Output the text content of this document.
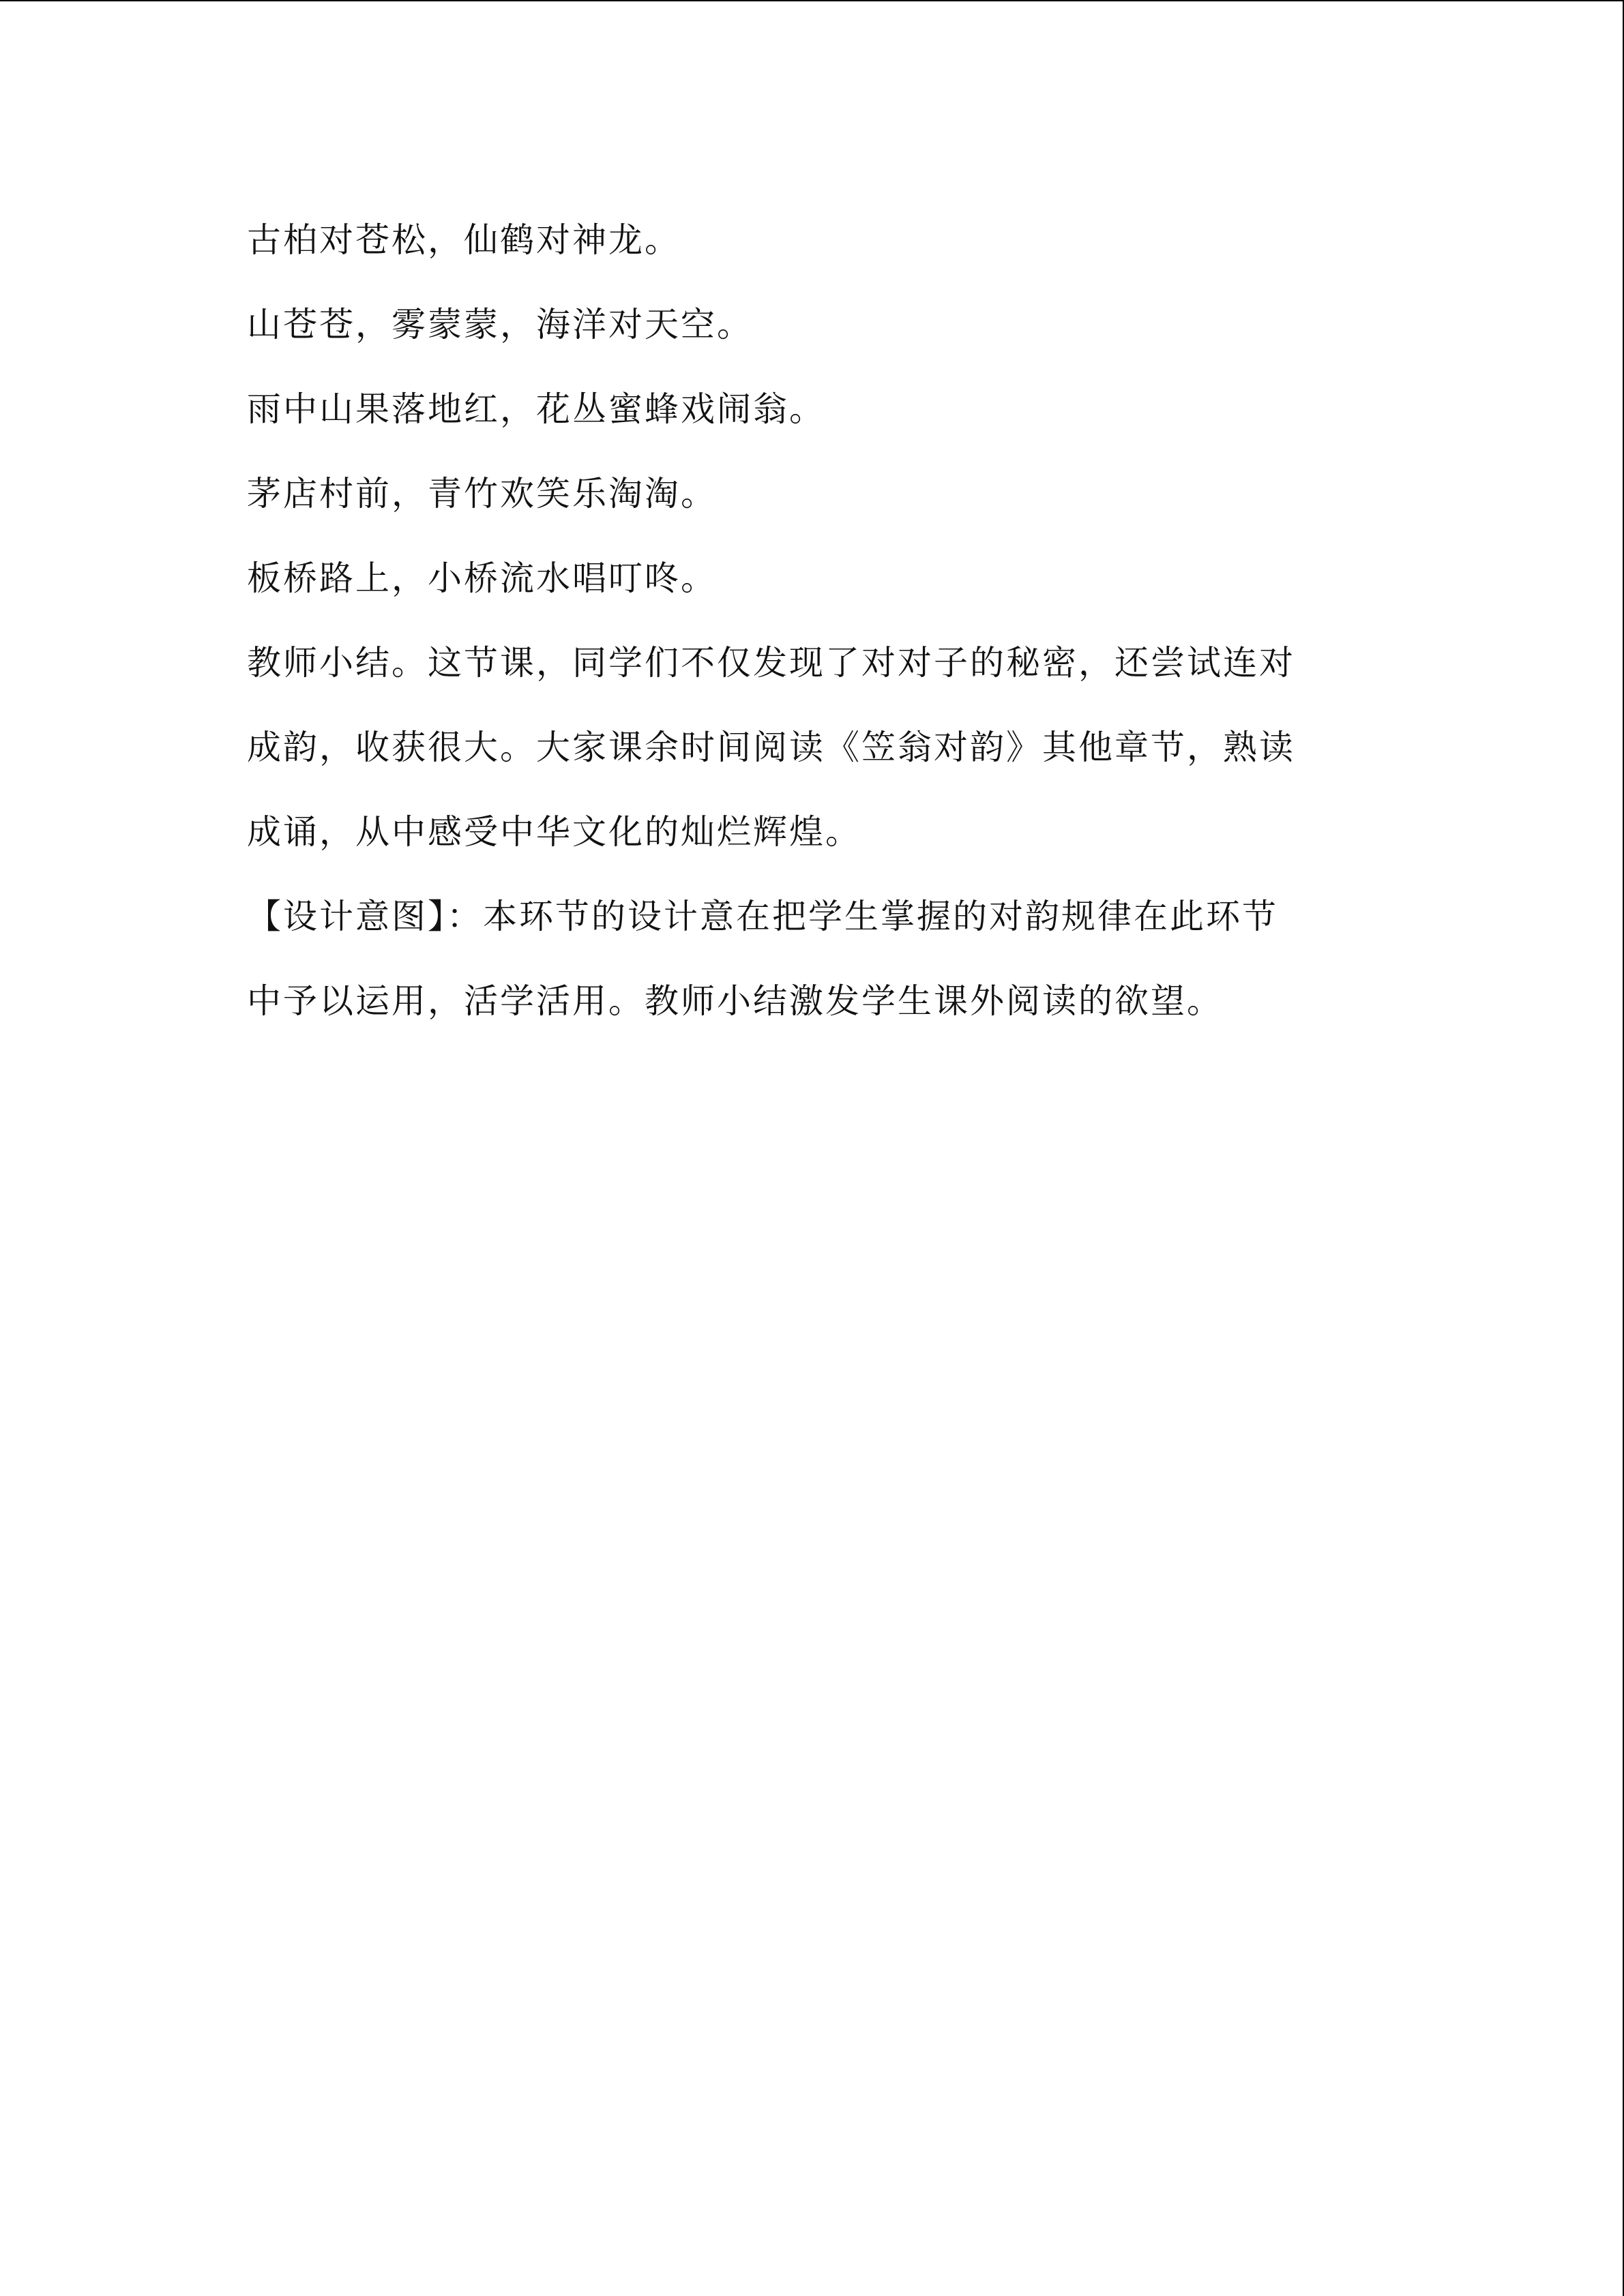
古柏对苍松，仙鹤对神龙。

山苍苍，雾蒙蒙，海洋对天空。

雨中山果落地红，花丛蜜蜂戏闹翁。

茅店村前，青竹欢笑乐淘淘。

板桥路上，小桥流水唱叮咚。

教师小结。这节课，同学们不仅发现了对对子的秘密，还尝试连对

成韵，收获很大。大家课余时间阅读《笠翁对韵》其他章节，熟读

成诵，从中感受中华文化的灿烂辉煌。

【设计意图】：本环节的设计意在把学生掌握的对韵规律在此环节

中予以运用，活学活用。教师小结激发学生课外阅读的欲望。
